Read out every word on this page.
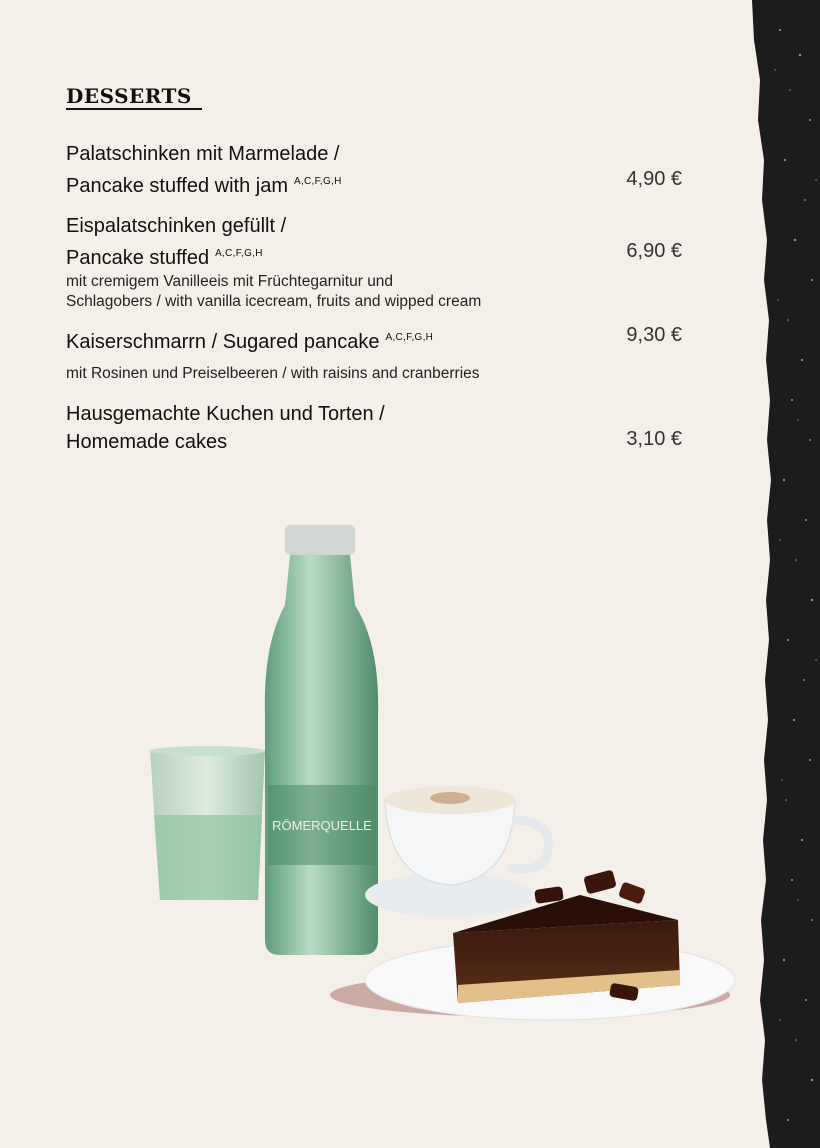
DESSERTS
Palatschinken mit Marmelade /
Pancake stuffed with jam $^{A,C,F,G,H}$	4,90 €
Eispalatschinken gefüllt /
Pancake stuffed $^{A,C,F,G,H}$
mit cremigem Vanilleeis mit Früchtegarnitur und
Schlagobers / with vanilla icecream, fruits and wipped cream
6,90 €
Kaiserschmarrn / Sugared pancake $^{A,C,F,G,H}$
mit Rosinen und Preiselbeeren / with raisins and cranberries
9,30 €
Hausgemachte Kuchen und Torten /
Homemade cakes	3,10 €
RÖMERQUELLE
